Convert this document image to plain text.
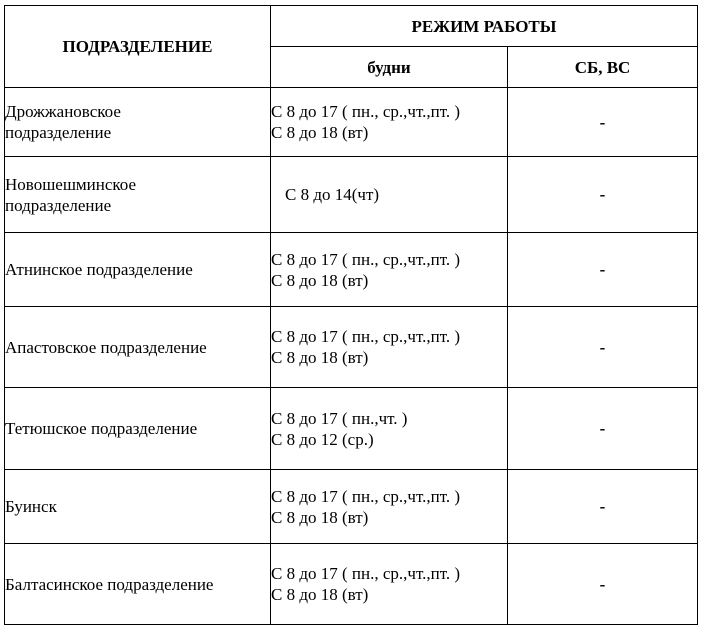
ПОДРАЗДЕЛЕНИЕ	РЕЖИМ РАБОТЫ	
	будни	СБ, ВС

Дрожжановское
подразделение	С 8 до 17 ( пн., ср.,чт.,пт. )
С 8 до 18 (вт)	-

Новошешминское
подразделение	С 8 до 14(чт)	-

Атнинское подразделение	С 8 до 17 ( пн., ср.,чт.,пт. )
С 8 до 18 (вт)	-

Апастовское подразделение	С 8 до 17 ( пн., ср.,чт.,пт. )
С 8 до 18 (вт)	-

Тетюшское подразделение	С 8 до 17 ( пн.,чт. )
С 8 до 12 (ср.)	-

Буинск	С 8 до 17 ( пн., ср.,чт.,пт. )
С 8 до 18 (вт)	-

Балтасинское подразделение	С 8 до 17 ( пн., ср.,чт.,пт. )
С 8 до 18 (вт)	-
